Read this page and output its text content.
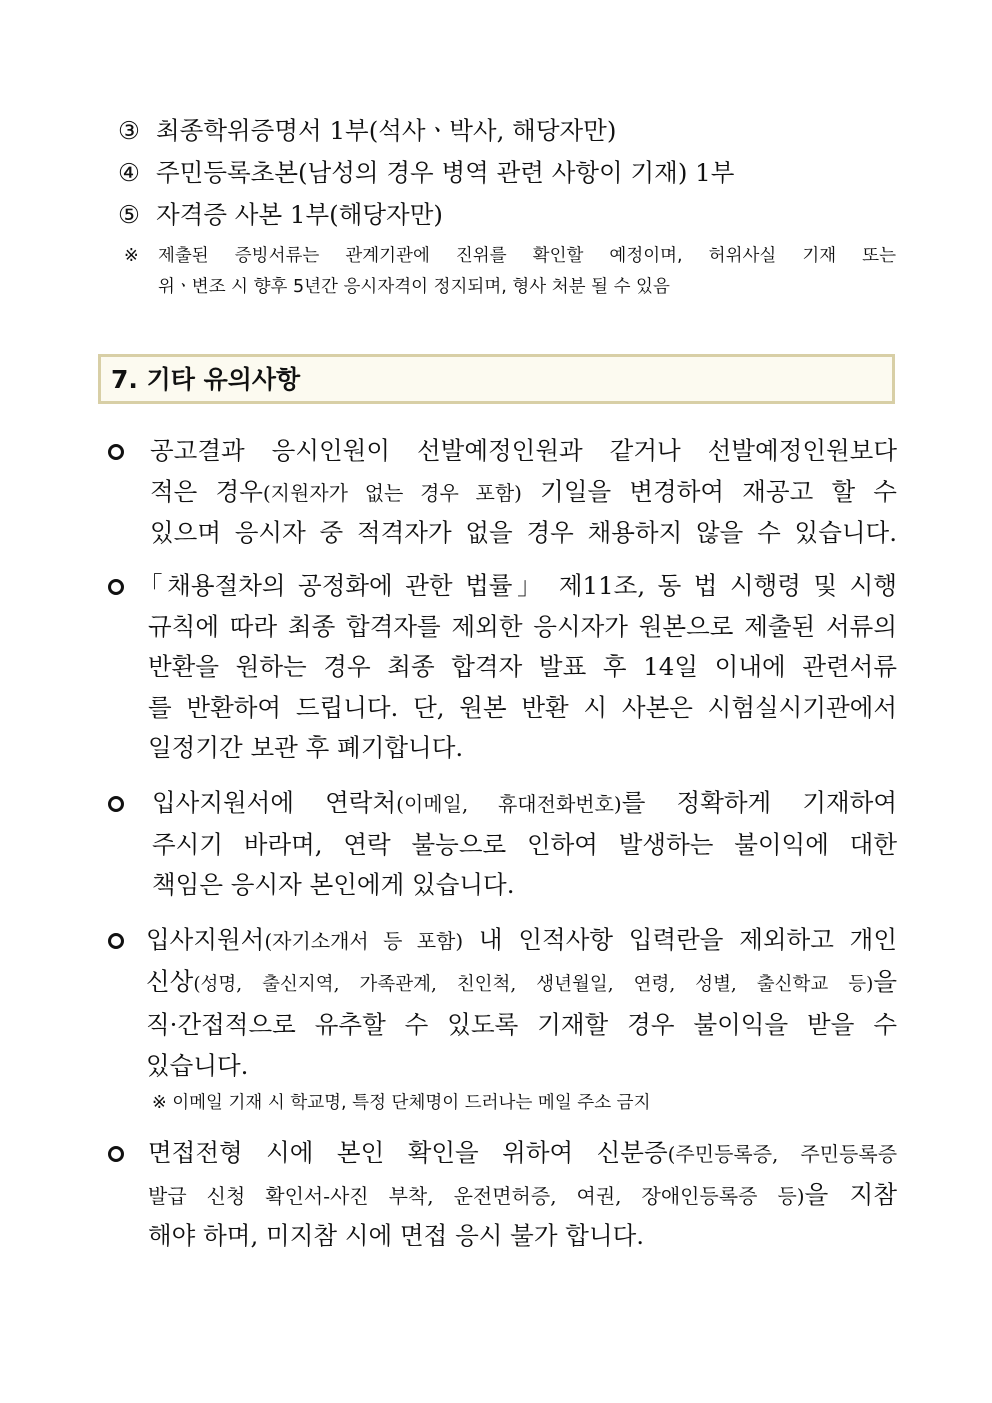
③ 최종학위증명서 1부(석사ㆍ박사, 해당자만)
④ 주민등록초본(남성의 경우 병역 관련 사항이 기재) 1부
⑤ 자격증 사본 1부(해당자만)
※	제출된 증빙서류는 관계기관에 진위를 확인할 예정이며, 허위사실 기재 또는
위ㆍ변조 시 향후 5년간 응시자격이 정지되며, 형사 처분 될 수 있음
7. 기타 유의사항
공고결과 응시인원이 선발예정인원과 같거나 선발예정인원보다
적은 경우(지원자가 없는 경우 포함) 기일을 변경하여 재공고 할 수
있으며 응시자 중 적격자가 없을 경우 채용하지 않을 수 있습니다.
「채용절차의 공정화에 관한 법률」 제11조, 동 법 시행령 및 시행
규칙에 따라 최종 합격자를 제외한 응시자가 원본으로 제출된 서류의
반환을 원하는 경우 최종 합격자 발표 후 14일 이내에 관련서류
를 반환하여 드립니다. 단, 원본 반환 시 사본은 시험실시기관에서
일정기간 보관 후 폐기합니다.
입사지원서에 연락처(이메일, 휴대전화번호)를 정확하게 기재하여
주시기 바라며, 연락 불능으로 인하여 발생하는 불이익에 대한
책임은 응시자 본인에게 있습니다.
입사지원서(자기소개서 등 포함) 내 인적사항 입력란을 제외하고 개인
신상(성명, 출신지역, 가족관계, 친인척, 생년월일, 연령, 성별, 출신학교 등)을
직·간접적으로 유추할 수 있도록 기재할 경우 불이익을 받을 수
있습니다.
※ 이메일 기재 시 학교명, 특정 단체명이 드러나는 메일 주소 금지
면접전형 시에 본인 확인을 위하여 신분증(주민등록증, 주민등록증
발급 신청 확인서-사진 부착, 운전면허증, 여권, 장애인등록증 등)을 지참
해야 하며, 미지참 시에 면접 응시 불가 합니다.
